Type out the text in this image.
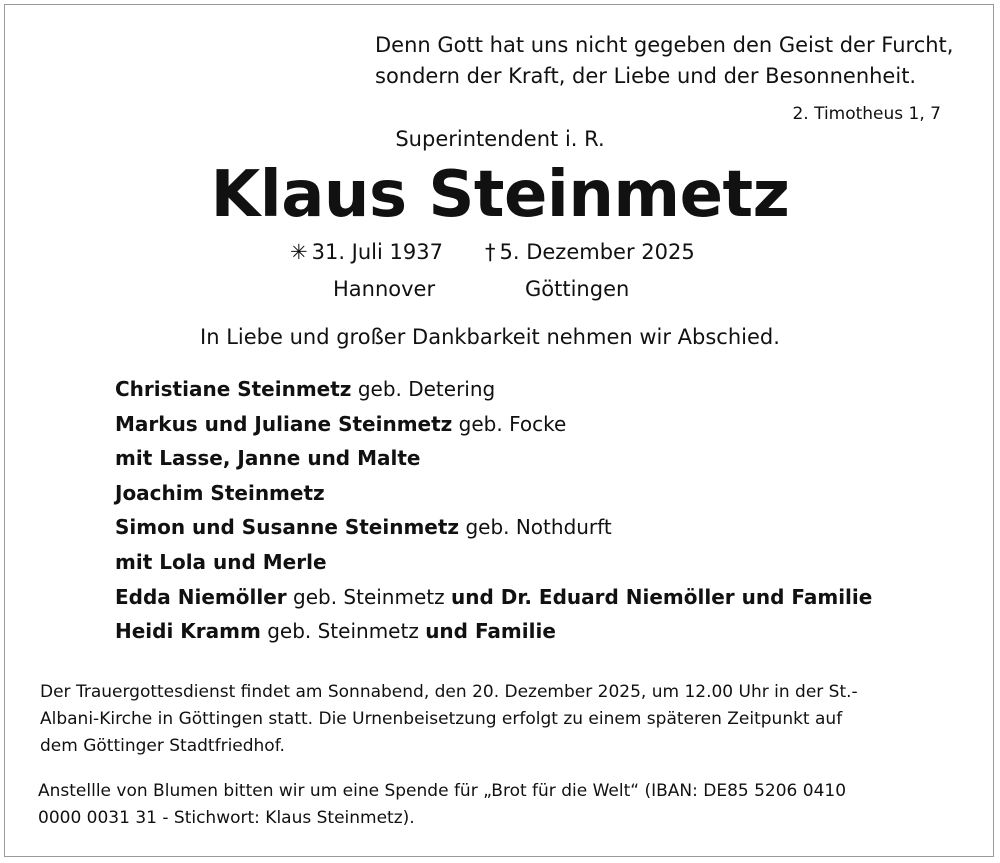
Denn Gott hat uns nicht gegeben den Geist der Furcht,
sondern der Kraft, der Liebe und der Besonnenheit.
2. Timotheus 1, 7
Superintendent i. R.
Klaus Steinmetz
✳ 31. Juli 1937 † 5. Dezember 2025
Hannover	Göttingen
In Liebe und großer Dankbarkeit nehmen wir Abschied.
Christiane Steinmetz geb. Detering
Markus und Juliane Steinmetz geb. Focke
mit Lasse, Janne und Malte
Joachim Steinmetz
Simon und Susanne Steinmetz geb. Nothdurft
mit Lola und Merle
Edda Niemöller geb. Steinmetz und Dr. Eduard Niemöller und Familie
Heidi Kramm geb. Steinmetz und Familie
Der Trauergottesdienst findet am Sonnabend, den 20. Dezember 2025, um 12.00 Uhr in der St.-
Albani-Kirche in Göttingen statt. Die Urnenbeisetzung erfolgt zu einem späteren Zeitpunkt auf
dem Göttinger Stadtfriedhof.
Anstellle von Blumen bitten wir um eine Spende für „Brot für die Welt“ (IBAN: DE85 5206 0410
0000 0031 31 - Stichwort: Klaus Steinmetz).
